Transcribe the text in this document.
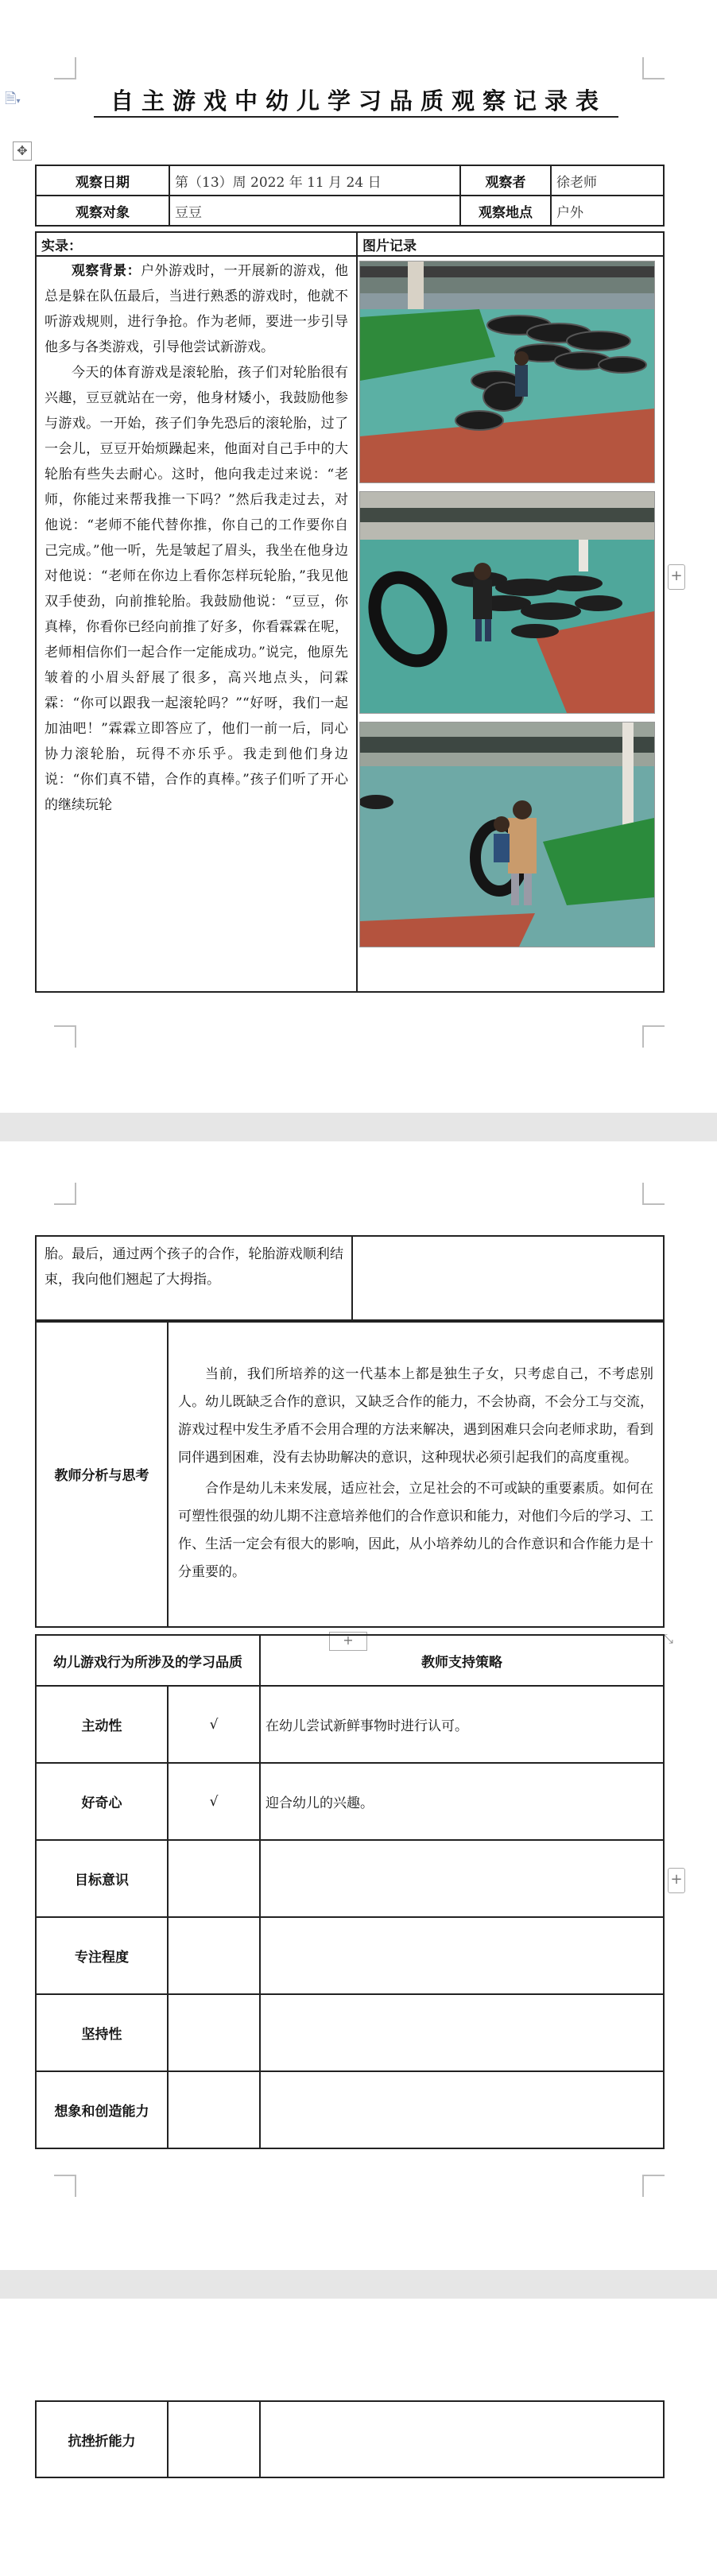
🗎▾
✥
自主游戏中幼儿学习品质观察记录表
观察日期	第（13）周 2022 年 11 月 24 日	观察者	徐老师
观察对象	豆豆	观察地点	户外
实录：	图片记录

观察背景：户外游戏时，一开展新的游戏，他总是躲在队伍最后，当进行熟悉的游戏时，他就不听游戏规则，进行争抢。作为老师，要进一步引导他多与各类游戏，引导他尝试新游戏。

今天的体育游戏是滚轮胎，孩子们对轮胎很有兴趣，豆豆就站在一旁，他身材矮小，我鼓励他参与游戏。一开始，孩子们争先恐后的滚轮胎，过了一会儿，豆豆开始烦躁起来，他面对自己手中的大轮胎有些失去耐心。这时，他向我走过来说：“老师，你能过来帮我推一下吗？”然后我走过去，对他说：“老师不能代替你推，你自己的工作要你自己完成。”他一听，先是皱起了眉头，我坐在他身边对他说：“老师在你边上看你怎样玩轮胎，”我见他双手使劲，向前推轮胎。我鼓励他说：“豆豆，你真棒，你看你已经向前推了好多，你看霖霖在呢，老师相信你们一起合作一定能成功。”说完，他原先皱着的小眉头舒展了很多，高兴地点头，问霖霖：“你可以跟我一起滚轮吗？”“好呀，我们一起加油吧！”霖霖立即答应了，他们一前一后，同心协力滚轮胎，玩得不亦乐乎。我走到他们身边说：“你们真不错，合作的真棒。”孩子们听了开心的继续玩轮	

+

胎。最后，通过两个孩子的合作，轮胎游戏顺利结束，我向他们翘起了大拇指。

教师分析与思考	

当前，我们所培养的这一代基本上都是独生子女，只考虑自己，不考虑别人。幼儿既缺乏合作的意识，又缺乏合作的能力，不会协商，不会分工与交流，游戏过程中发生矛盾不会用合理的方法来解决，遇到困难只会向老师求助，看到同伴遇到困难，没有去协助解决的意识，这种现状必须引起我们的高度重视。

合作是幼儿未来发展，适应社会，立足社会的不可或缺的重要素质。如何在可塑性很强的幼儿期不注意培养他们的合作意识和能力，对他们今后的学习、工作、生活一定会有很大的影响，因此，从小培养幼儿的合作意识和合作能力是十分重要的。

+	⤡
幼儿游戏行为所涉及的学习品质		教师支持策略
主动性	√	在幼儿尝试新鲜事物时进行认可。
好奇心	√	迎合幼儿的兴趣。
目标意识		
专注程度		
坚持性		
想象和创造能力		
+
抗挫折能力		
